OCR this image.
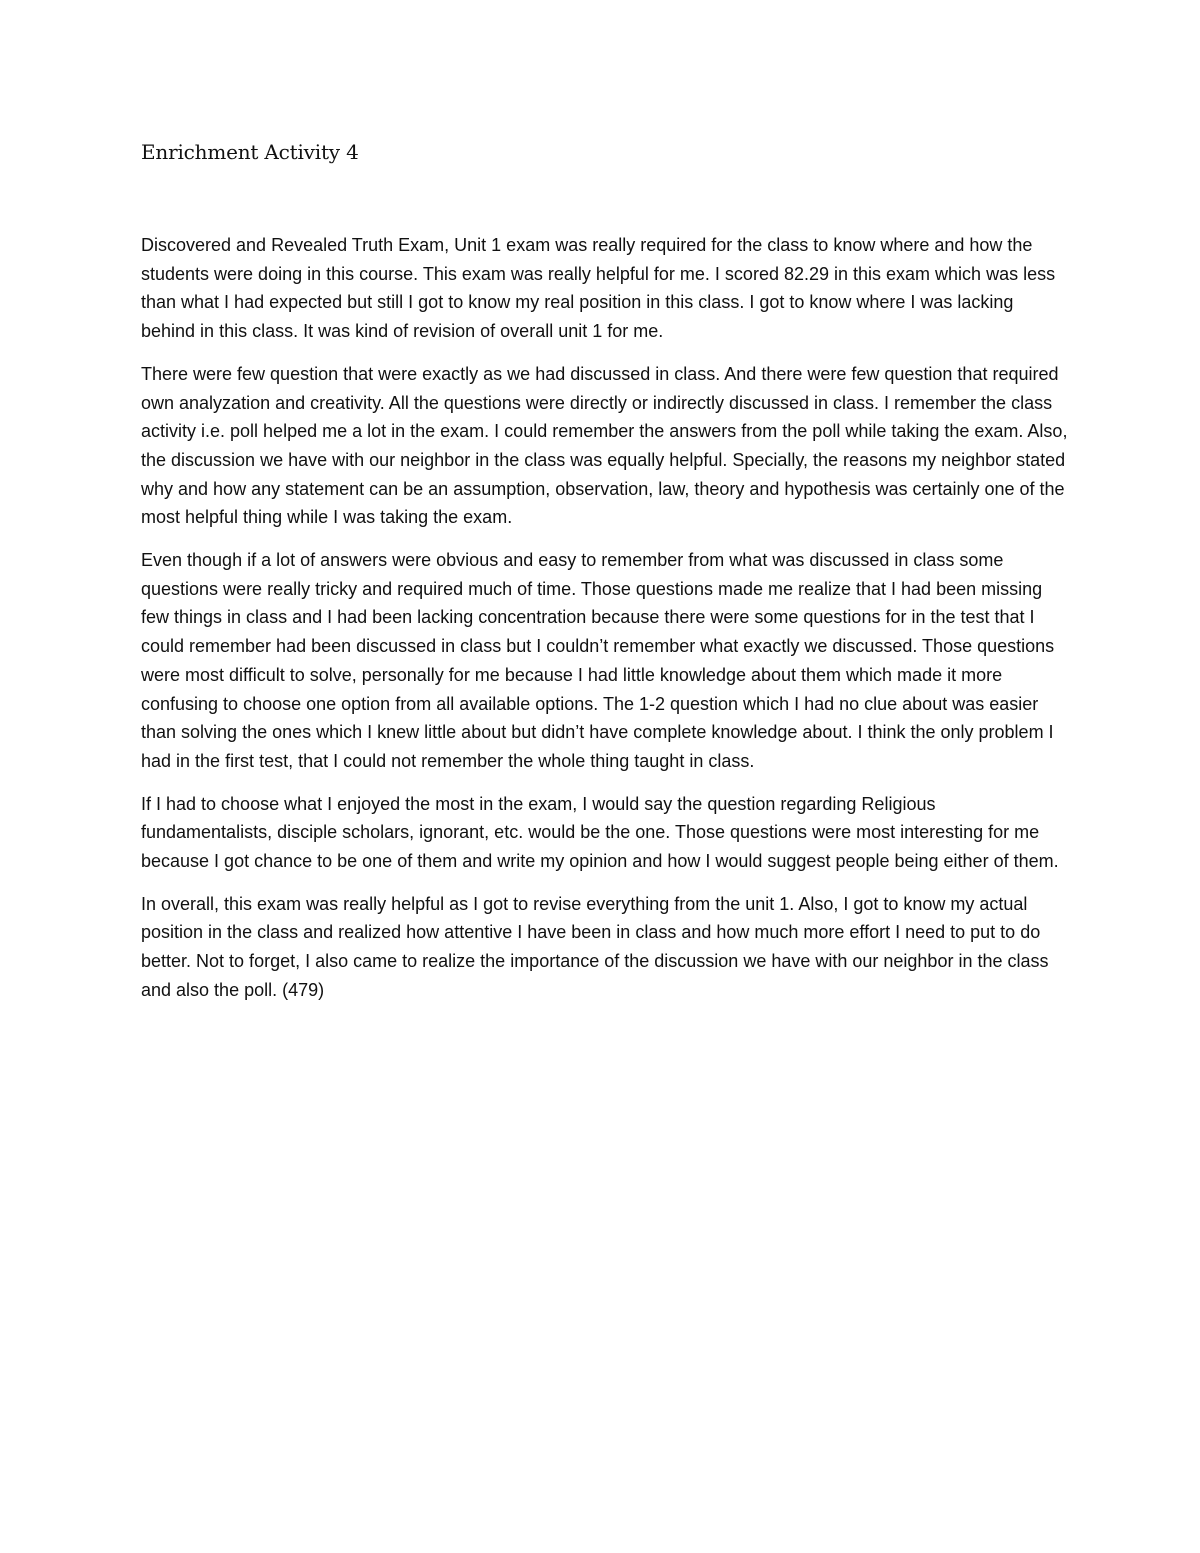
Enrichment Activity 4

Discovered and Revealed Truth Exam, Unit 1 exam was really required for the class to know where and how the students were doing in this course. This exam was really helpful for me. I scored 82.29 in this exam which was less than what I had expected but still I got to know my real position in this class. I got to know where I was lacking behind in this class. It was kind of revision of overall unit 1 for me.

There were few question that were exactly as we had discussed in class. And there were few question that required own analyzation and creativity. All the questions were directly or indirectly discussed in class. I remember the class activity i.e. poll helped me a lot in the exam. I could remember the answers from the poll while taking the exam. Also, the discussion we have with our neighbor in the class was equally helpful. Specially, the reasons my neighbor stated why and how any statement can be an assumption, observation, law, theory and hypothesis was certainly one of the most helpful thing while I was taking the exam.

Even though if a lot of answers were obvious and easy to remember from what was discussed in class some questions were really tricky and required much of time. Those questions made me realize that I had been missing few things in class and I had been lacking concentration because there were some questions for in the test that I could remember had been discussed in class but I couldn’t remember what exactly we discussed. Those questions were most difficult to solve, personally for me because I had little knowledge about them which made it more confusing to choose one option from all available options. The 1-2 question which I had no clue about was easier than solving the ones which I knew little about but didn’t have complete knowledge about. I think the only problem I had in the first test, that I could not remember the whole thing taught in class.

If I had to choose what I enjoyed the most in the exam, I would say the question regarding Religious fundamentalists, disciple scholars, ignorant, etc. would be the one. Those questions were most interesting for me because I got chance to be one of them and write my opinion and how I would suggest people being either of them.

In overall, this exam was really helpful as I got to revise everything from the unit 1. Also, I got to know my actual position in the class and realized how attentive I have been in class and how much more effort I need to put to do better. Not to forget, I also came to realize the importance of the discussion we have with our neighbor in the class and also the poll. (479)
